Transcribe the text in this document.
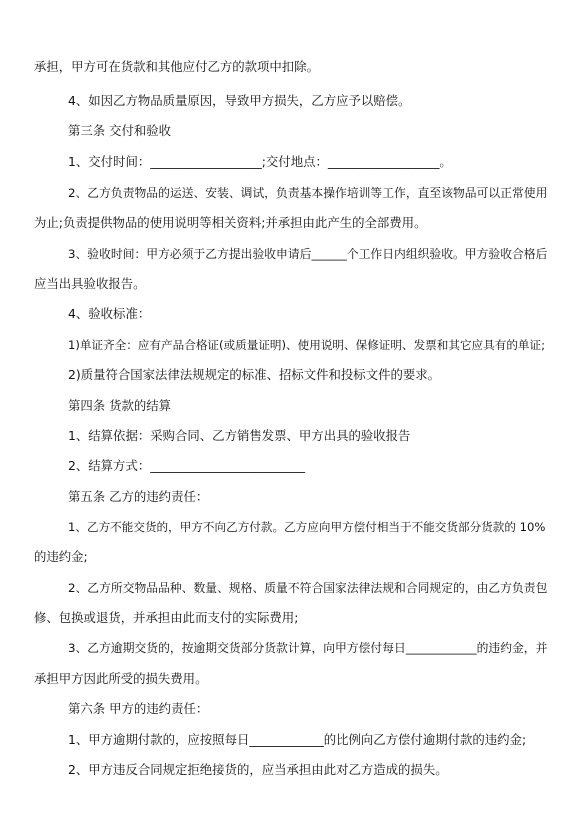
承担，甲方可在货款和其他应付乙方的款项中扣除。
4、如因乙方物品质量原因，导致甲方损失，乙方应予以赔偿。
第三条 交付和验收
1、交付时间：__________________;交付地点：__________________。
2、乙方负责物品的运送、安装、调试，负责基本操作培训等工作，直至该物品可以正常使用
为止;负责提供物品的使用说明等相关资料;并承担由此产生的全部费用。
3、验收时间：甲方必须于乙方提出验收申请后______个工作日内组织验收。甲方验收合格后
应当出具验收报告。
4、验收标准：
1)单证齐全：应有产品合格证(或质量证明)、使用说明、保修证明、发票和其它应具有的单证;
2)质量符合国家法律法规规定的标准、招标文件和投标文件的要求。
第四条 货款的结算
1、结算依据：采购合同、乙方销售发票、甲方出具的验收报告
2、结算方式：_________________________
第五条 乙方的违约责任：
1、乙方不能交货的，甲方不向乙方付款。乙方应向甲方偿付相当于不能交货部分货款的 10%
的违约金;
2、乙方所交物品品种、数量、规格、质量不符合国家法律法规和合同规定的，由乙方负责包
修、包换或退货，并承担由此而支付的实际费用;
3、乙方逾期交货的，按逾期交货部分货款计算，向甲方偿付每日____________的违约金，并
承担甲方因此所受的损失费用。
第六条 甲方的违约责任：
1、甲方逾期付款的，应按照每日____________的比例向乙方偿付逾期付款的违约金;
2、甲方违反合同规定拒绝接货的，应当承担由此对乙方造成的损失。
